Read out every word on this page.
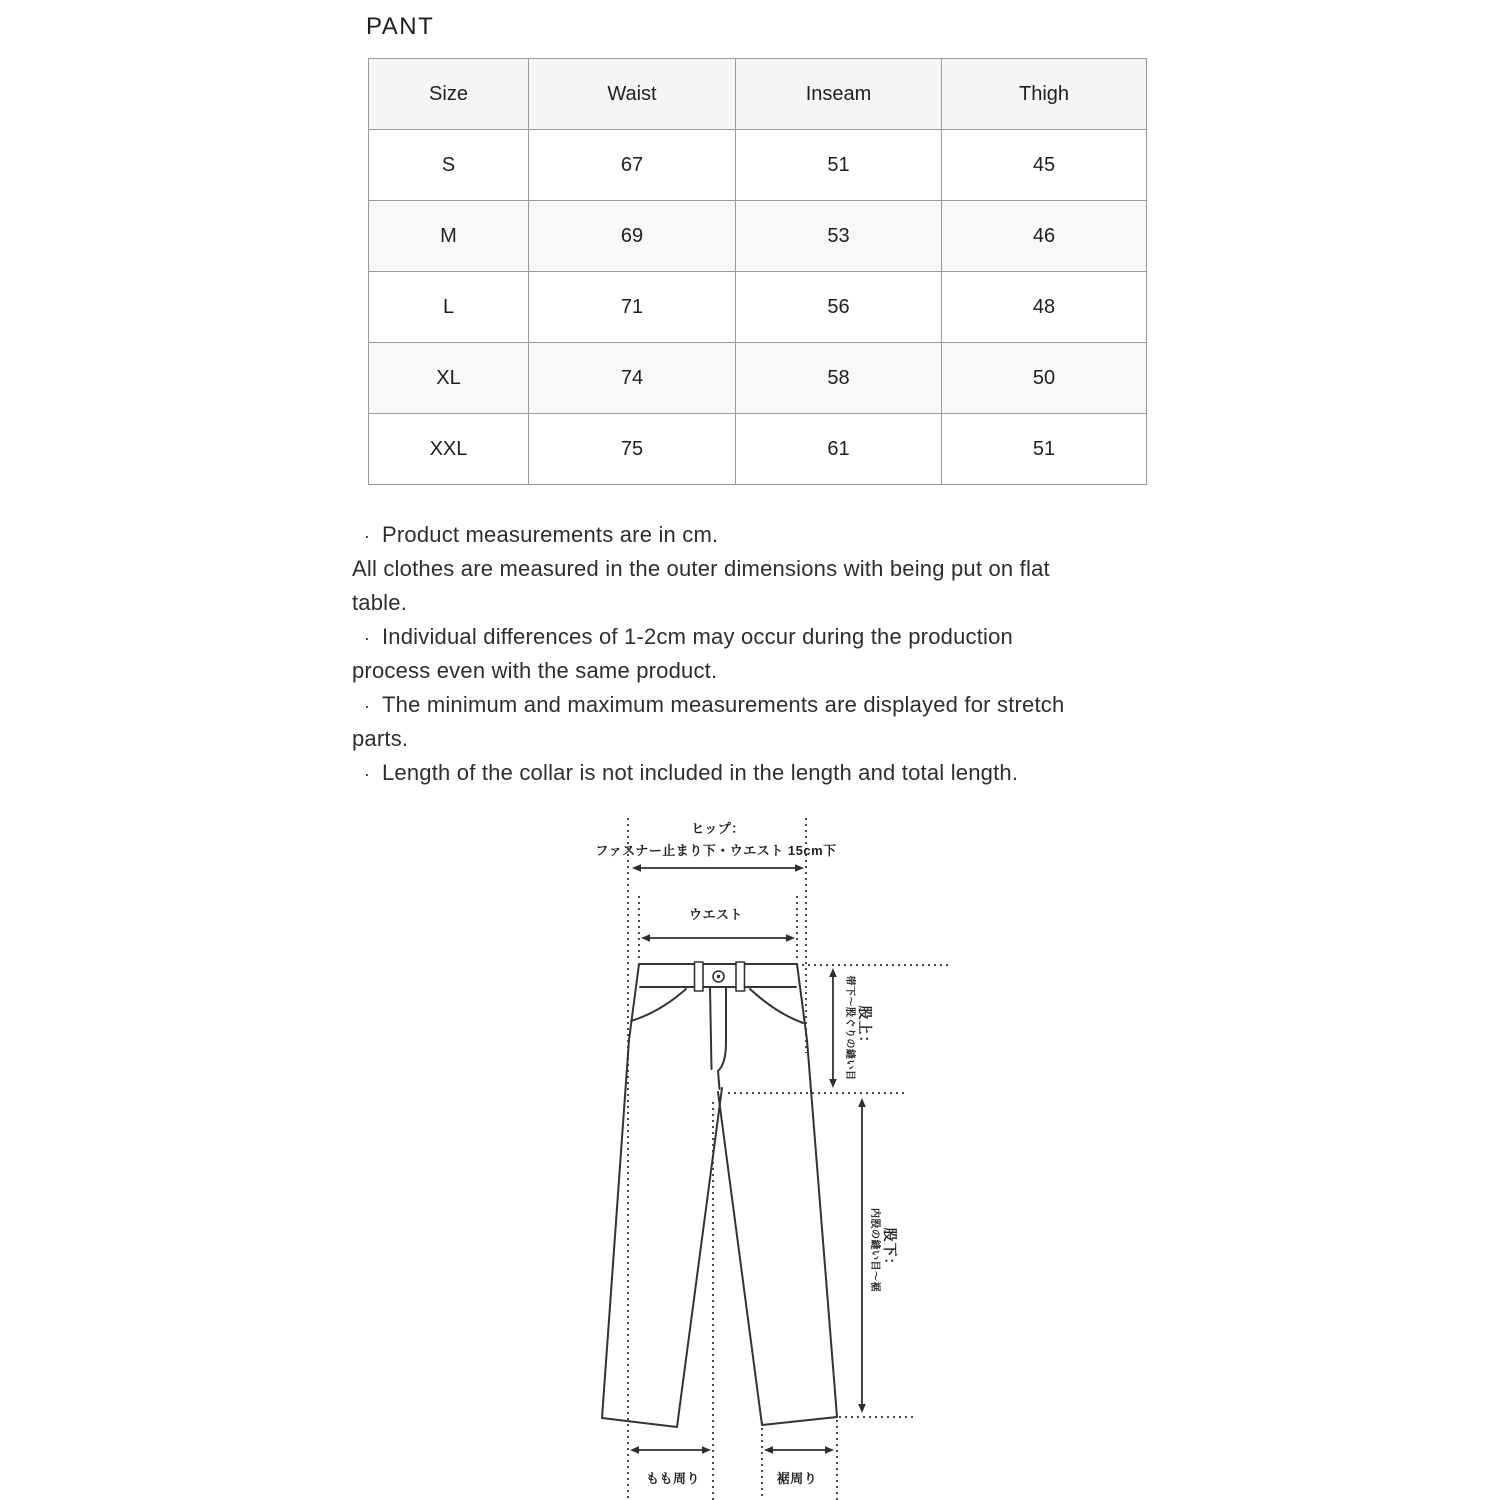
PANT
Size	Waist	Inseam	Thigh
S	67	51	45
M	69	53	46
L	71	56	48
XL	74	58	50
XXL	75	61	51
· Product measurements are in cm.
All clothes are measured in the outer dimensions with being put on flat
table.
· Individual differences of 1-2cm may occur during the production
process even with the same product.
· The minimum and maximum measurements are displayed for stretch
parts.
· Length of the collar is not included in the length and total length.
ヒップ：
ファスナー止まり下・ウエスト 15cm下
ウエスト
股上：
帯下～股ぐりの縫い目
股下：
内股の縫い目～裾
もも周り	裾周り
